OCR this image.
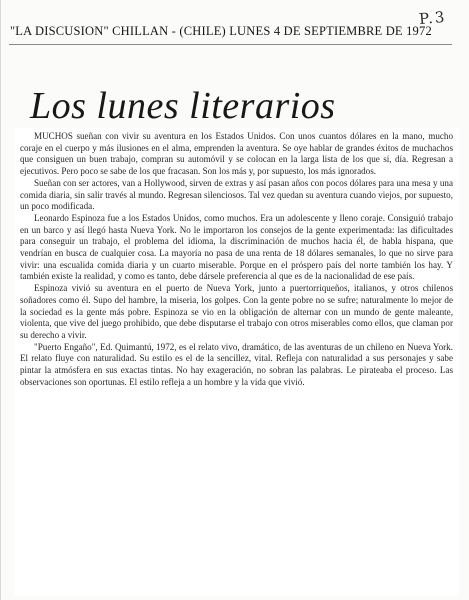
"LA DISCUSION" CHILLAN - (CHILE) LUNES 4 DE SEPTIEMBRE DE 1972
P.3
Los lunes literarios

MUCHOS sueñan con vivir su aventura en los Estados Unidos. Con unos cuantos dólares en la mano, mucho coraje en el cuerpo y más ilusiones en el alma, emprenden la aventura. Se oye hablar de grandes éxitos de muchachos que consiguen un buen trabajo, compran su automóvil y se colocan en la larga lista de los que sí, día. Regresan a ejecutivos. Pero poco se sabe de los que fracasan. Son los más y, por supuesto, los más ignorados.

Sueñan con ser actores, van a Hollywood, sirven de extras y así pasan años con pocos dólares para una mesa y una comida diaria, sin salir través al mundo. Regresan silenciosos. Tal vez quedan su aventura cuando viejos, por supuesto, un poco modificada.

Leonardo Espinoza fue a los Estados Unidos, como muchos. Era un adolescente y lleno coraje. Consiguió trabajo en un barco y así llegó hasta Nueva York. No le importaron los consejos de la gente experimentada: las dificultades para conseguir un trabajo, el problema del idioma, la discriminación de muchos hacia él, de habla hispana, que vendrían en busca de cualquier cosa. La mayoría no pasa de una renta de 18 dólares semanales, lo que no sirve para vivir: una escualida comida diaria y un cuarto miserable. Porque en el próspero país del norte también los hay. Y también existe la realidad, y como es tanto, debe dársele preferencia al que es de la nacionalidad de ese país.

Espinoza vivió su aventura en el puerto de Nueva York, junto a puertorriqueños, italianos, y otros chilenos soñadores como él. Supo del hambre, la miseria, los golpes. Con la gente pobre no se sufre; naturalmente lo mejor de la sociedad es la gente más pobre. Espinoza se vio en la obligación de alternar con un mundo de gente maleante, violenta, que vive del juego prohibido, que debe disputarse el trabajo con otros miserables como ellos, que claman por su derecho a vivir.

"Puerto Engaño", Ed. Quimantú, 1972, es el relato vivo, dramático, de las aventuras de un chileno en Nueva York. El relato fluye con naturalidad. Su estilo es el de la sencillez, vital. Refleja con naturalidad a sus personajes y sabe pintar la atmósfera en sus exactas tintas. No hay exageración, no sobran las palabras. Le pirateaba el proceso. Las observaciones son oportunas. El estilo refleja a un hombre y la vida que vivió.
